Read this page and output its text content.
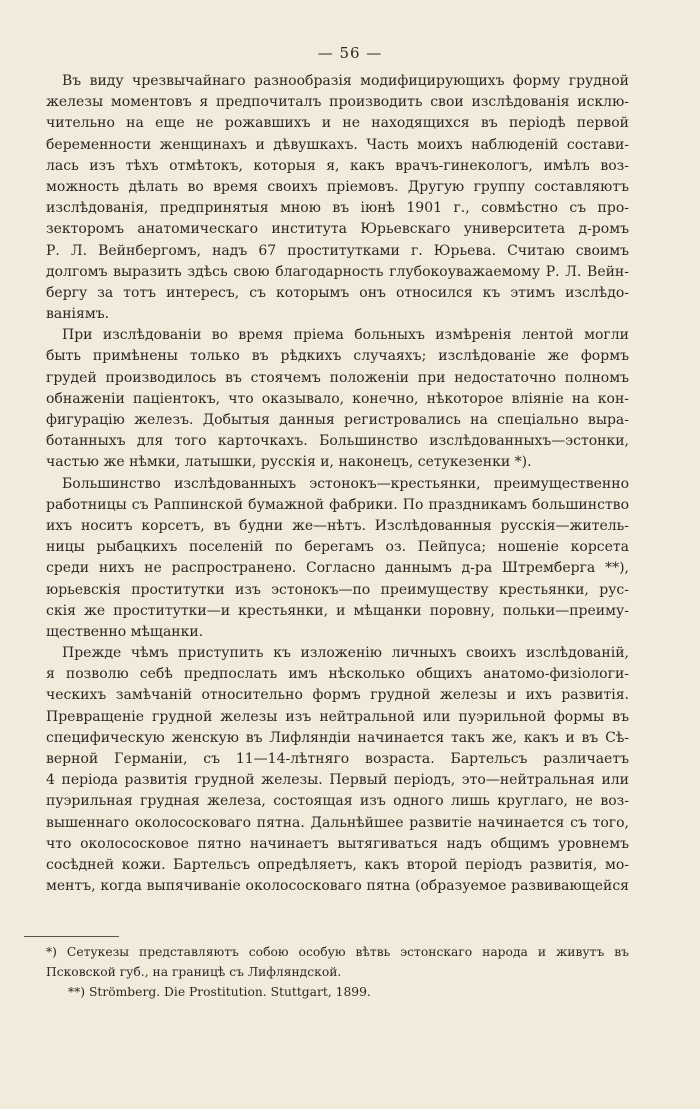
— 56 —
Въ виду чрезвычайнаго разнообразія модифицирующихъ форму грудной
железы моментовъ я предпочиталъ производить свои изслѣдованія исклю-
чительно на еще не рожавшихъ и не находящихся въ періодѣ первой
беременности женщинахъ и дѣвушкахъ. Часть моихъ наблюденій состави-
лась изъ тѣхъ отмѣтокъ, которыя я, какъ врачъ-гинекологъ, имѣлъ воз-
можность дѣлать во время своихъ пріемовъ. Другую группу составляютъ
изслѣдованія, предпринятыя мною въ іюнѣ 1901 г., совмѣстно съ про-
зекторомъ анатомическаго института Юрьевскаго университета д-ромъ
Р. Л. Вейнбергомъ, надъ 67 проститутками г. Юрьева. Считаю своимъ
долгомъ выразить здѣсь свою благодарность глубокоуважаемому Р. Л. Вейн-
бергу за тотъ интересъ, съ которымъ онъ относился къ этимъ изслѣдо-
ваніямъ.
При изслѣдованіи во время пріема больныхъ измѣренія лентой могли
быть примѣнены только въ рѣдкихъ случаяхъ; изслѣдованіе же формъ
грудей производилось въ стоячемъ положеніи при недостаточно полномъ
обнаженіи паціентокъ, что оказывало, конечно, нѣкоторое вліяніе на кон-
фигурацію железъ. Добытыя данныя регистровались на спеціально выра-
ботанныхъ для того карточкахъ. Большинство изслѣдованныхъ—эстонки,
частью же нѣмки, латышки, русскія и, наконецъ, сетукезенки *).
Большинство изслѣдованныхъ эстонокъ—крестьянки, преимущественно
работницы съ Раппинской бумажной фабрики. По праздникамъ большинство
ихъ носитъ корсетъ, въ будни же—нѣтъ. Изслѣдованныя русскія—житель-
ницы рыбацкихъ поселеній по берегамъ оз. Пейпуса; ношеніе корсета
среди нихъ не распространено. Согласно даннымъ д-ра Штремберга **),
юрьевскія проститутки изъ эстонокъ—по преимуществу крестьянки, рус-
скія же проститутки—и крестьянки, и мѣщанки поровну, польки—преиму-
щественно мѣщанки.
Прежде чѣмъ приступить къ изложенію личныхъ своихъ изслѣдованій,
я позволю себѣ предпослать имъ нѣсколько общихъ анатомо-физіологи-
ческихъ замѣчаній относительно формъ грудной железы и ихъ развитія.
Превращеніе грудной железы изъ нейтральной или пуэрильной формы въ
специфическую женскую въ Лифляндіи начинается такъ же, какъ и въ Сѣ-
верной Германіи, съ 11—14-лѣтняго возраста. Бартельсъ различаетъ
4 періода развитія грудной железы. Первый періодъ, это—нейтральная или
пуэрильная грудная железа, состоящая изъ одного лишь круглаго, не воз-
вышеннаго околососковаго пятна. Дальнѣйшее развитіе начинается съ того,
что околососковое пятно начинаетъ вытягиваться надъ общимъ уровнемъ
сосѣдней кожи. Бартельсъ опредѣляетъ, какъ второй періодъ развитія, мо-
ментъ, когда выпячиваніе околососковаго пятна (образуемое развивающейся
*) Сетукезы представляютъ собою особую вѣтвь эстонскаго народа и живутъ въ
Псковской губ., на границѣ съ Лифляндской.
**) Strömberg. Die Prostitution. Stuttgart, 1899.
